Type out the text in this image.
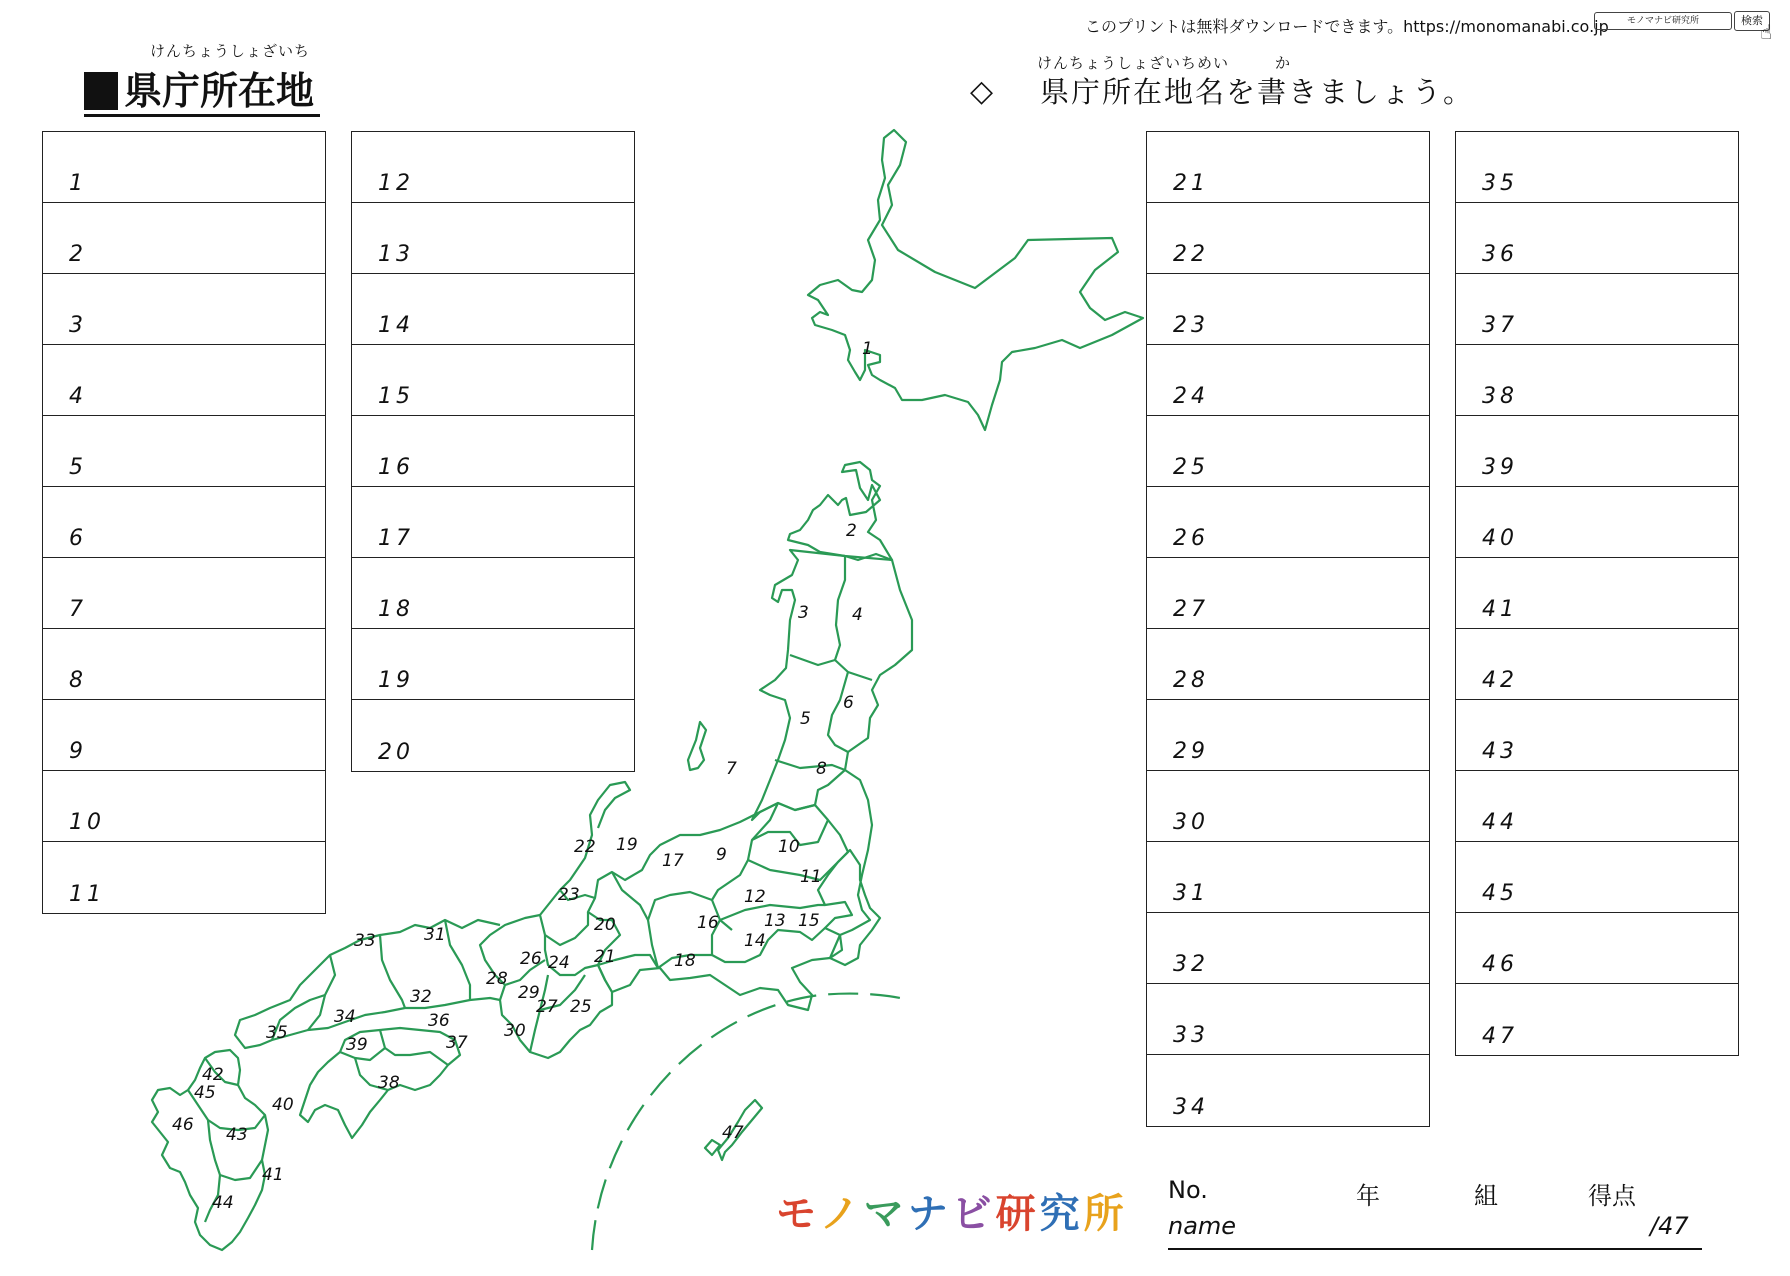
このプリントは無料ダウンロードできます。https://monomanabi.co.jp	モノマナビ研究所	検索
☝
けんちょうしょざいち
県庁所在地
けんちょうしょざいちめい	か
◇ 県庁所在地名を書きましょう。
1
2
3
4
5
6
7
8
9
10
11
12
13
14
15
16
17
18
19
20
21
22
23
24
25
26
27
28
29
30
31
32
33
34
35
36
37
38
39
40
41
42
43
44
45
46
47
1
2
3	4
5
6
7	8
9	10
11
12
13
14
15
16
17
18
19
20
21
22
23
24
25
26
27
28
29
30
31
32
33
34
35
36
37
38
39
40
41
42
43
44
45
46	47
モノマナビ研究所
No.	年	組	得点
name	/47
